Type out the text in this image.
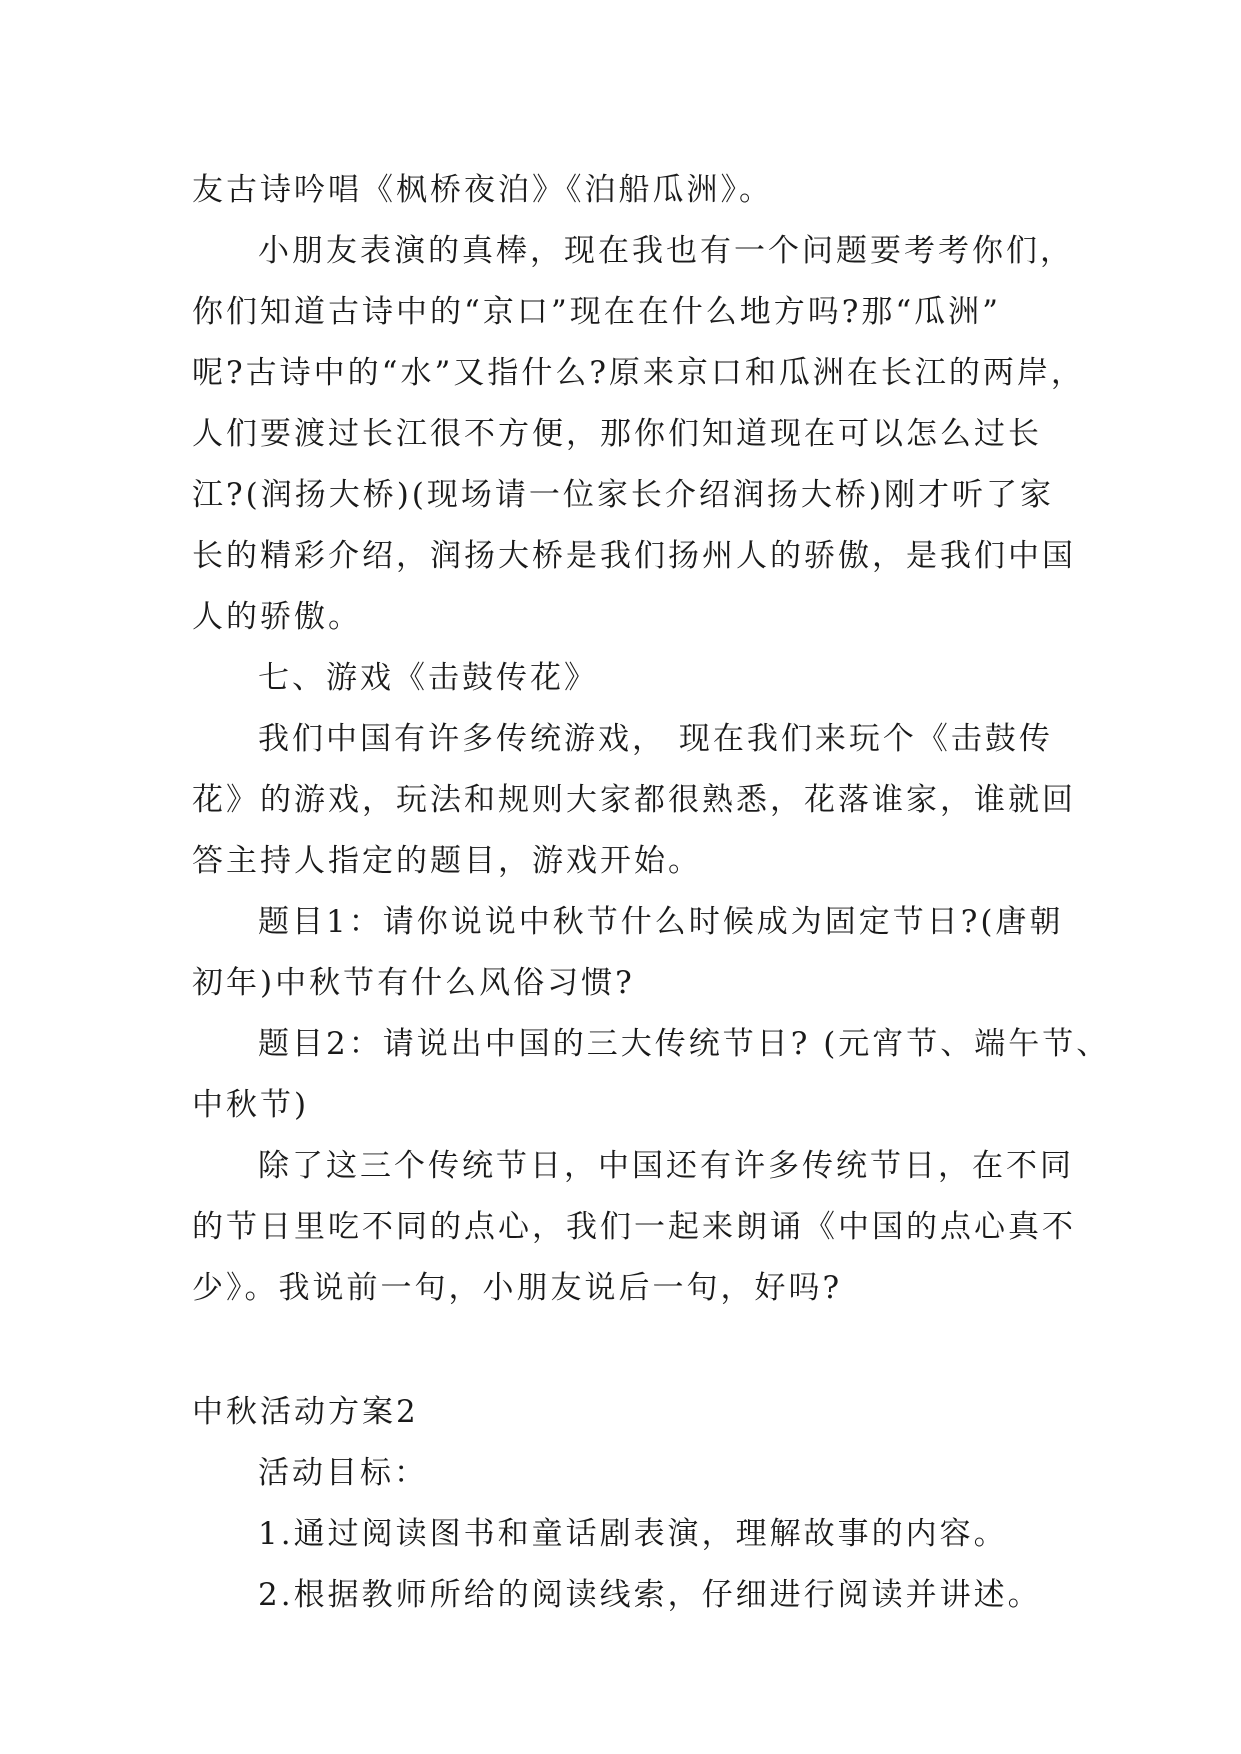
友古诗吟唱《枫桥夜泊》《泊船瓜洲》。
小朋友表演的真棒，现在我也有一个问题要考考你们，
你们知道古诗中的“京口”现在在什么地方吗?那“瓜洲”
呢?古诗中的“水”又指什么?原来京口和瓜洲在长江的两岸，
人们要渡过长江很不方便，那你们知道现在可以怎么过长
江?(润扬大桥)(现场请一位家长介绍润扬大桥)刚才听了家
长的精彩介绍，润扬大桥是我们扬州人的骄傲，是我们中国
人的骄傲。
七、游戏《击鼓传花》
我们中国有许多传统游戏， 现在我们来玩个《击鼓传
花》的游戏，玩法和规则大家都很熟悉，花落谁家，谁就回
答主持人指定的题目，游戏开始。
题目1：请你说说中秋节什么时候成为固定节日?(唐朝
初年)中秋节有什么风俗习惯?
题目2：请说出中国的三大传统节日? (元宵节、端午节、
中秋节)
除了这三个传统节日，中国还有许多传统节日，在不同
的节日里吃不同的点心，我们一起来朗诵《中国的点心真不
少》。我说前一句，小朋友说后一句，好吗?
中秋活动方案2
活动目标：
1.通过阅读图书和童话剧表演，理解故事的内容。
2.根据教师所给的阅读线索，仔细进行阅读并讲述。
